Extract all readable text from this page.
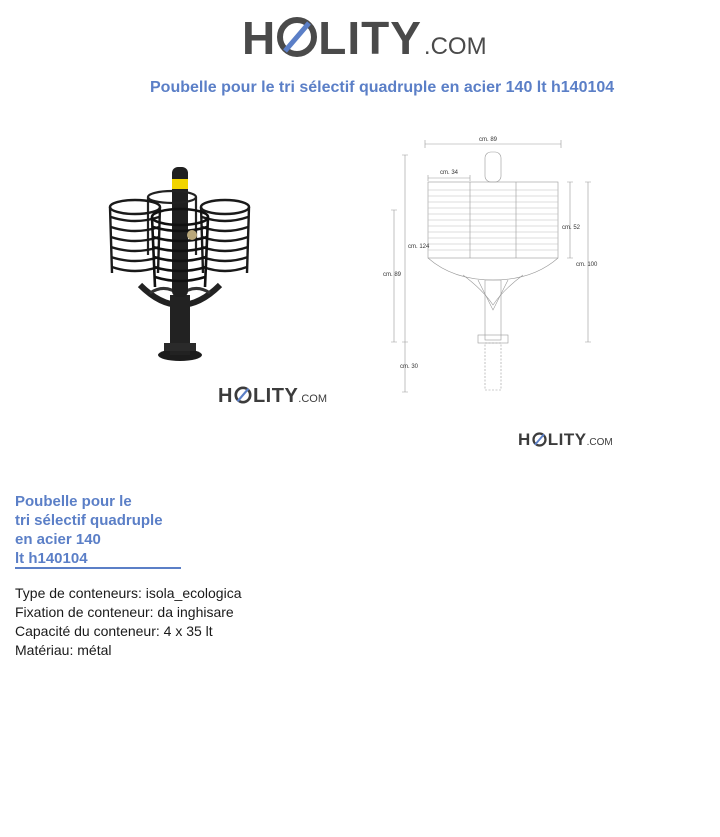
H LITY .COM
Poubelle pour le tri sélectif quadruple en acier 140 lt h140104
H LITY .COM
cm. 89
cm. 34
cm. 124
cm. 89
cm. 52
cm. 100
cm. 30
H LITY .COM
Poubelle pour le
tri sélectif quadruple
en acier 140
lt h140104
Type de conteneurs: isola_ecologica
Fixation de conteneur: da inghisare
Capacité du conteneur: 4 x 35 lt
Matériau: métal
